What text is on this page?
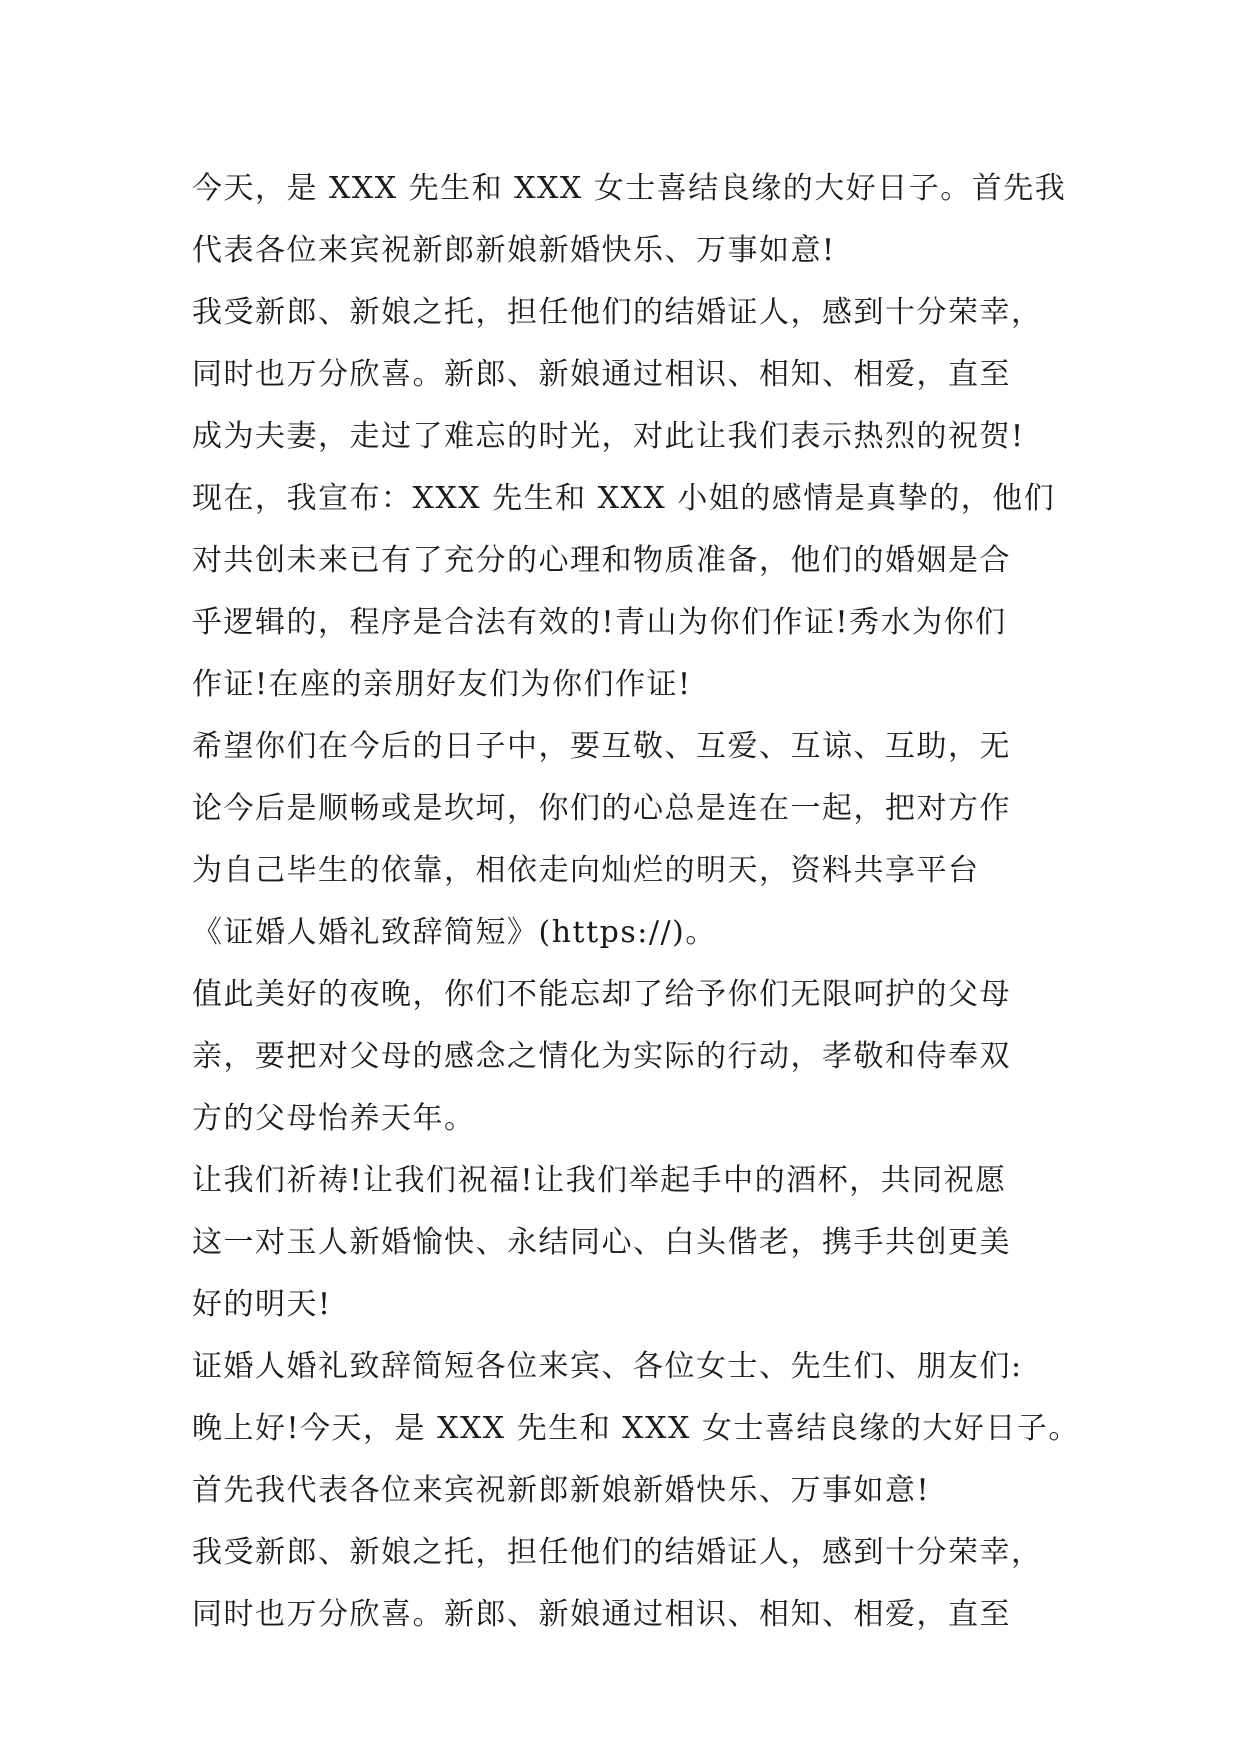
今天，是 XXX 先生和 XXX 女士喜结良缘的大好日子。首先我
代表各位来宾祝新郎新娘新婚快乐、万事如意!
我受新郎、新娘之托，担任他们的结婚证人，感到十分荣幸，
同时也万分欣喜。新郎、新娘通过相识、相知、相爱，直至
成为夫妻，走过了难忘的时光，对此让我们表示热烈的祝贺!
现在，我宣布：XXX 先生和 XXX 小姐的感情是真挚的，他们
对共创未来已有了充分的心理和物质准备，他们的婚姻是合
乎逻辑的，程序是合法有效的!青山为你们作证!秀水为你们
作证!在座的亲朋好友们为你们作证!
希望你们在今后的日子中，要互敬、互爱、互谅、互助，无
论今后是顺畅或是坎坷，你们的心总是连在一起，把对方作
为自己毕生的依靠，相依走向灿烂的明天，资料共享平台
《证婚人婚礼致辞简短》(https://)。
值此美好的夜晚，你们不能忘却了给予你们无限呵护的父母
亲，要把对父母的感念之情化为实际的行动，孝敬和侍奉双
方的父母怡养天年。
让我们祈祷!让我们祝福!让我们举起手中的酒杯，共同祝愿
这一对玉人新婚愉快、永结同心、白头偕老，携手共创更美
好的明天!
证婚人婚礼致辞简短各位来宾、各位女士、先生们、朋友们:
晚上好!今天，是 XXX 先生和 XXX 女士喜结良缘的大好日子。
首先我代表各位来宾祝新郎新娘新婚快乐、万事如意!
我受新郎、新娘之托，担任他们的结婚证人，感到十分荣幸，
同时也万分欣喜。新郎、新娘通过相识、相知、相爱，直至
